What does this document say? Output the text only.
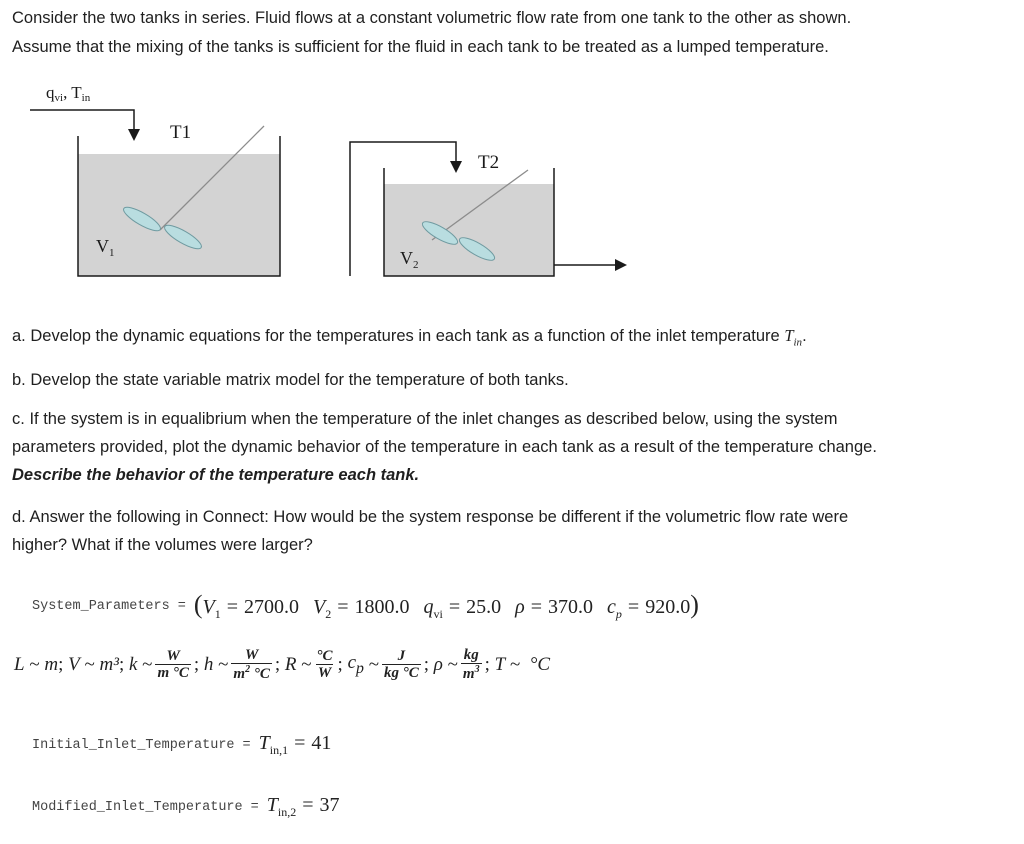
Consider the two tanks in series. Fluid flows at a constant volumetric flow rate from one tank to the other as shown.
Assume that the mixing of the tanks is sufficient for the fluid in each tank to be treated as a lumped temperature.
qvi, Tin
T1
T2
$V_1$	$V_2$
a. Develop the dynamic equations for the temperatures in each tank as a function of the inlet temperature $T_{in}$.
b. Develop the state variable matrix model for the temperature of both tanks.
c. If the system is in equalibrium when the temperature of the inlet changes as described below, using the system
parameters provided, plot the dynamic behavior of the temperature in each tank as a result of the temperature change.
Describe the behavior of the temperature each tank.
d. Answer the following in Connect: How would be the system response be different if the volumetric flow rate were
higher? What if the volumes were larger?
System_Parameters = ($V_1 = 2700.0$ $V_2 = 1800.0$ $q_{vi} = 25.0$ ρ = 370.0 $c_p = 920.0$)
L ~ m ; V ~ m³ ; k ~ $\frac{W}{m ^\circ C}$ ; h ~ $\frac{W}{m^2 ^\circ C}$ ; R ~ $\frac{^\circ C}{W}$ ; $c_p$ ~ $\frac{J}{kg ^\circ C}$ ; ρ ~ $\frac{kg}{m^3}$ ; T ~ °C
Initial_Inlet_Temperature = $T_{in,1} = 41$
Modified_Inlet_Temperature = $T_{in,2} = 37$
